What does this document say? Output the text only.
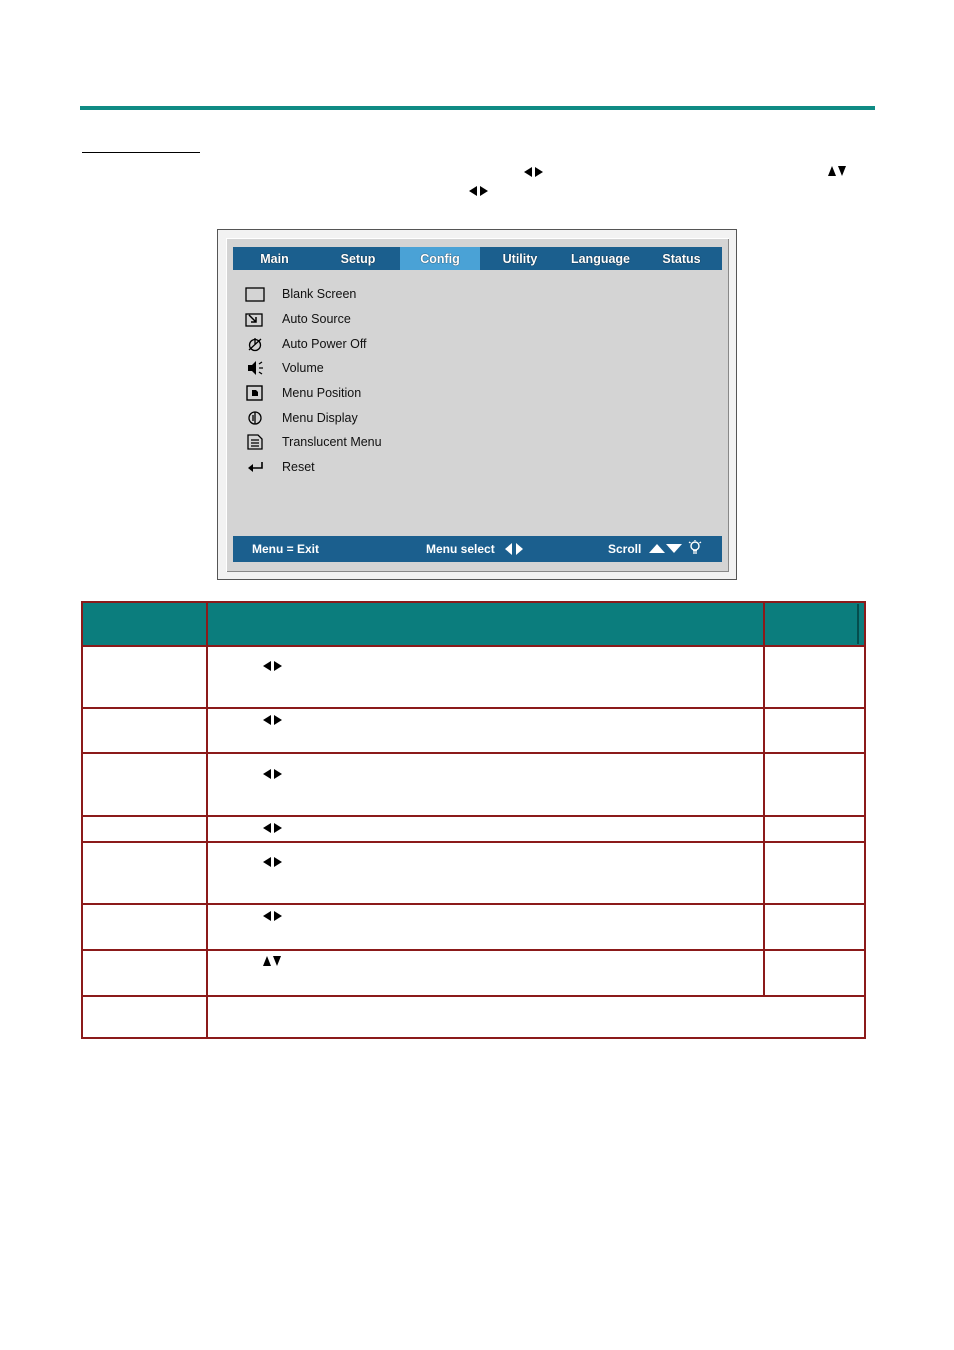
Main	Setup	Config	Utility	Language	Status
Blank Screen
Auto Source
Auto Power Off
Volume
Menu Position
Menu Display
Translucent Menu
Reset
Menu = Exit	Menu select	Scroll
